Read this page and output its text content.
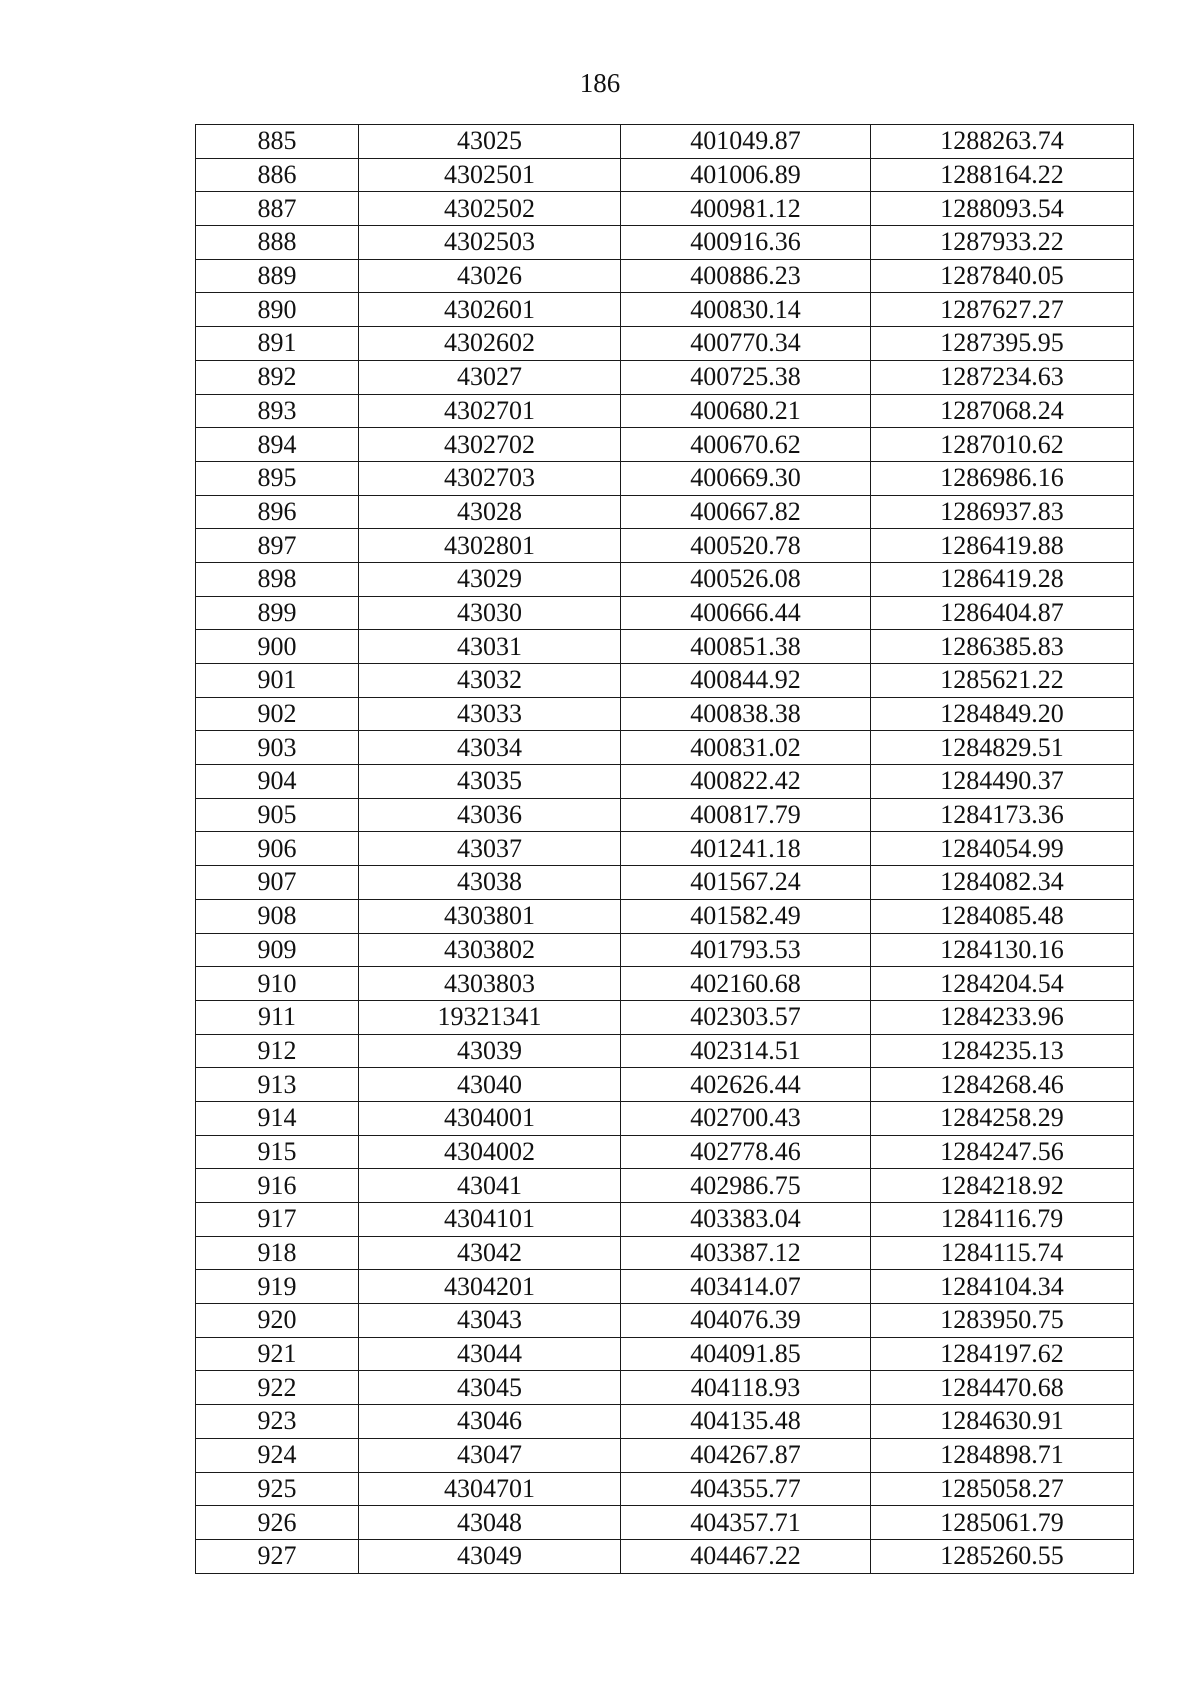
186
885	43025	401049.87	1288263.74
886	4302501	401006.89	1288164.22
887	4302502	400981.12	1288093.54
888	4302503	400916.36	1287933.22
889	43026	400886.23	1287840.05
890	4302601	400830.14	1287627.27
891	4302602	400770.34	1287395.95
892	43027	400725.38	1287234.63
893	4302701	400680.21	1287068.24
894	4302702	400670.62	1287010.62
895	4302703	400669.30	1286986.16
896	43028	400667.82	1286937.83
897	4302801	400520.78	1286419.88
898	43029	400526.08	1286419.28
899	43030	400666.44	1286404.87
900	43031	400851.38	1286385.83
901	43032	400844.92	1285621.22
902	43033	400838.38	1284849.20
903	43034	400831.02	1284829.51
904	43035	400822.42	1284490.37
905	43036	400817.79	1284173.36
906	43037	401241.18	1284054.99
907	43038	401567.24	1284082.34
908	4303801	401582.49	1284085.48
909	4303802	401793.53	1284130.16
910	4303803	402160.68	1284204.54
911	19321341	402303.57	1284233.96
912	43039	402314.51	1284235.13
913	43040	402626.44	1284268.46
914	4304001	402700.43	1284258.29
915	4304002	402778.46	1284247.56
916	43041	402986.75	1284218.92
917	4304101	403383.04	1284116.79
918	43042	403387.12	1284115.74
919	4304201	403414.07	1284104.34
920	43043	404076.39	1283950.75
921	43044	404091.85	1284197.62
922	43045	404118.93	1284470.68
923	43046	404135.48	1284630.91
924	43047	404267.87	1284898.71
925	4304701	404355.77	1285058.27
926	43048	404357.71	1285061.79
927	43049	404467.22	1285260.55
